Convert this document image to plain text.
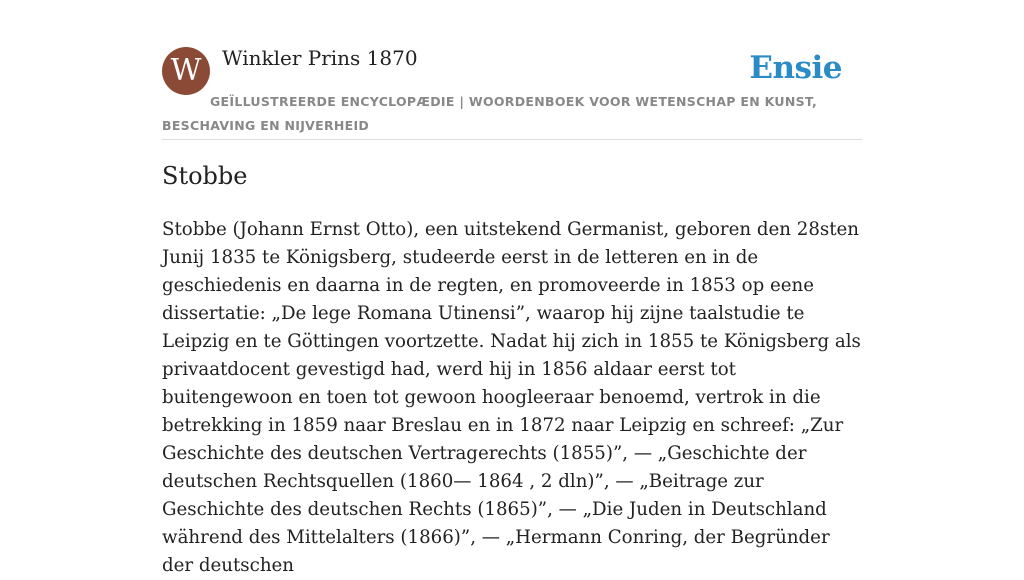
W	Winkler Prins 1870	Ensie
GEÏLLUSTREERDE ENCYCLOPÆDIE | WOORDENBOEK VOOR WETENSCHAP EN KUNST, BESCHAVING EN NIJVERHEID
Stobbe

Stobbe (Johann Ernst Otto), een uitstekend Germanist, geboren den 28sten Junij 1835 te Königsberg, studeerde eerst in de letteren en in de geschiedenis en daarna in de regten, en promoveerde in 1853 op eene dissertatie: „De lege Romana Utinensi”, waarop hij zijne taalstudie te Leipzig en te Göttingen voortzette. Nadat hij zich in 1855 te Königsberg als privaatdocent gevestigd had, werd hij in 1856 aldaar eerst tot buitengewoon en toen tot gewoon hoogleeraar benoemd, vertrok in die betrekking in 1859 naar Breslau en in 1872 naar Leipzig en schreef: „Zur Geschichte des deutschen Vertragerechts (1855)”, — „Geschichte der deutschen Rechtsquellen (1860— 1864 , 2 dln)”, — „Beitrage zur Geschichte des deutschen Rechts (1865)”, — „Die Juden in Deutschland während des Mittelalters (1866)”, — „Hermann Conring, der Begründer der deutschen
